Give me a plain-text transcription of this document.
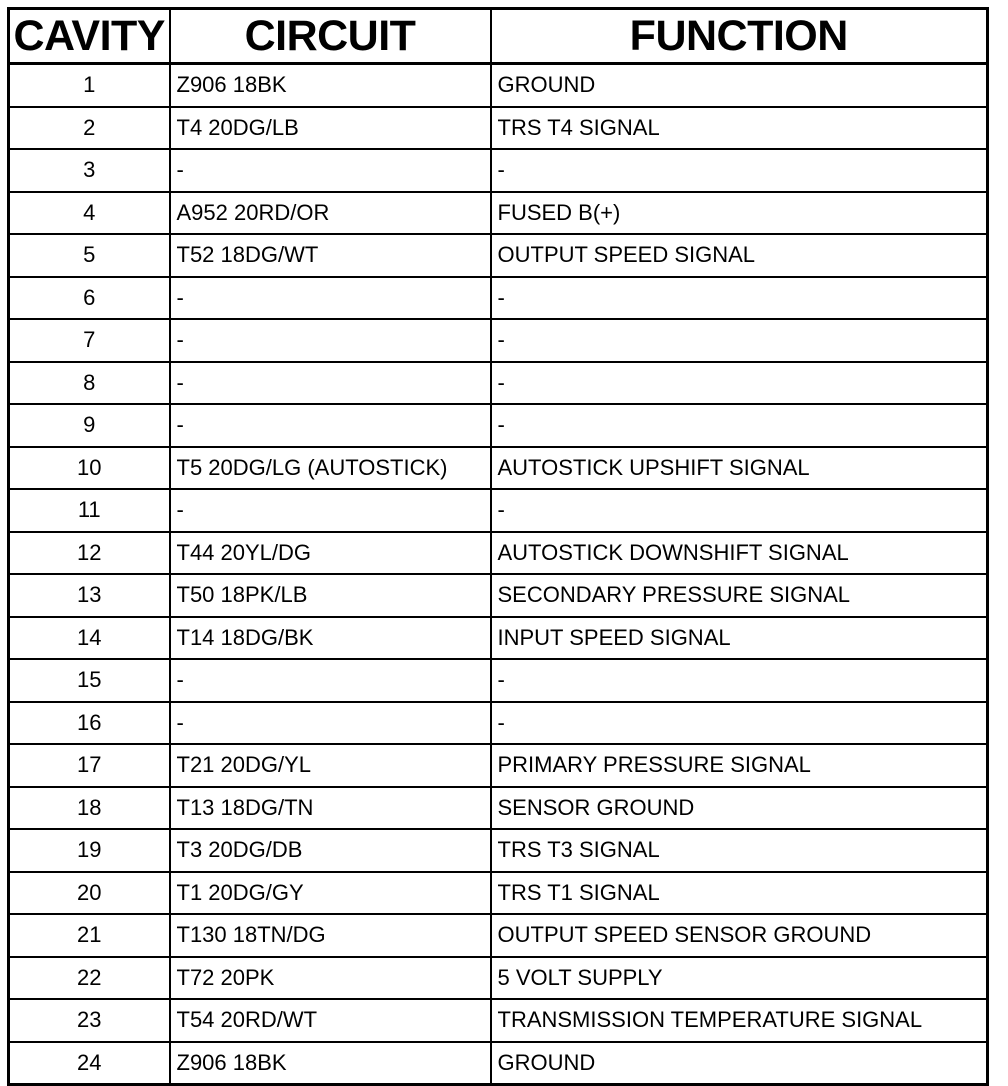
CAVITY	CIRCUIT	FUNCTION
1	Z906 18BK	GROUND
2	T4 20DG/LB	TRS T4 SIGNAL
3	-	-
4	A952 20RD/OR	FUSED B(+)
5	T52 18DG/WT	OUTPUT SPEED SIGNAL
6	-	-
7	-	-
8	-	-
9	-	-
10	T5 20DG/LG (AUTOSTICK)	AUTOSTICK UPSHIFT SIGNAL
11	-	-
12	T44 20YL/DG	AUTOSTICK DOWNSHIFT SIGNAL
13	T50 18PK/LB	SECONDARY PRESSURE SIGNAL
14	T14 18DG/BK	INPUT SPEED SIGNAL
15	-	-
16	-	-
17	T21 20DG/YL	PRIMARY PRESSURE SIGNAL
18	T13 18DG/TN	SENSOR GROUND
19	T3 20DG/DB	TRS T3 SIGNAL
20	T1 20DG/GY	TRS T1 SIGNAL
21	T130 18TN/DG	OUTPUT SPEED SENSOR GROUND
22	T72 20PK	5 VOLT SUPPLY
23	T54 20RD/WT	TRANSMISSION TEMPERATURE SIGNAL
24	Z906 18BK	GROUND
